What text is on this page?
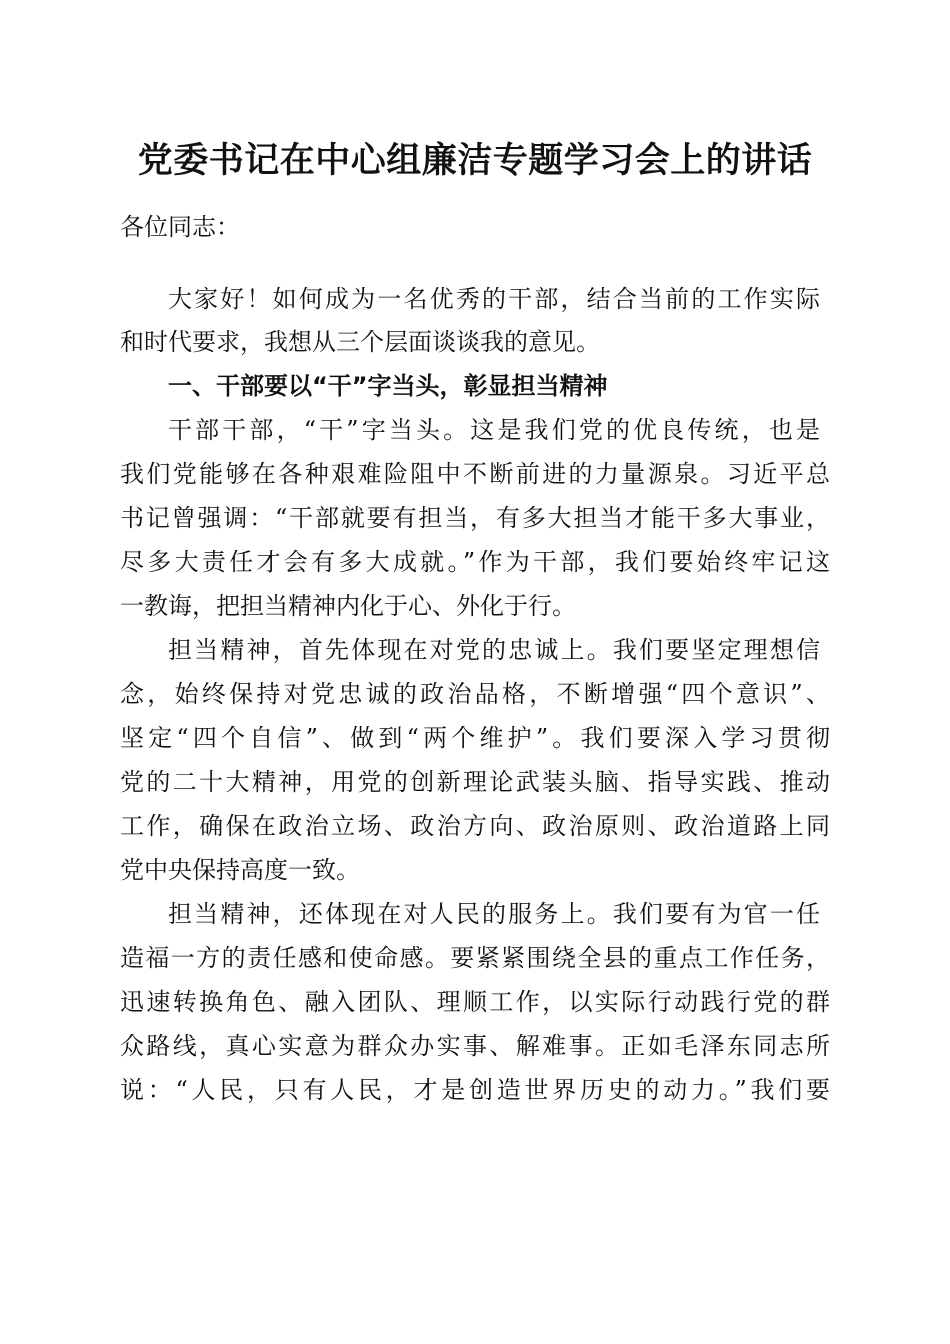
党委书记在中心组廉洁专题学习会上的讲话
各位同志：
大家好！如何成为一名优秀的干部，结合当前的工作实际
和时代要求，我想从三个层面谈谈我的意见。
一、干部要以“干”字当头，彰显担当精神
干部干部，“干”字当头。这是我们党的优良传统，也是
我们党能够在各种艰难险阻中不断前进的力量源泉。习近平总
书记曾强调：“干部就要有担当，有多大担当才能干多大事业，
尽多大责任才会有多大成就。”作为干部，我们要始终牢记这
一教诲，把担当精神内化于心、外化于行。
担当精神，首先体现在对党的忠诚上。我们要坚定理想信
念，始终保持对党忠诚的政治品格，不断增强“四个意识”、
坚定“四个自信”、做到“两个维护”。我们要深入学习贯彻
党的二十大精神，用党的创新理论武装头脑、指导实践、推动
工作，确保在政治立场、政治方向、政治原则、政治道路上同
党中央保持高度一致。
担当精神，还体现在对人民的服务上。我们要有为官一任
造福一方的责任感和使命感。要紧紧围绕全县的重点工作任务，
迅速转换角色、融入团队、理顺工作，以实际行动践行党的群
众路线，真心实意为群众办实事、解难事。正如毛泽东同志所
说：“人民，只有人民，才是创造世界历史的动力。”我们要
